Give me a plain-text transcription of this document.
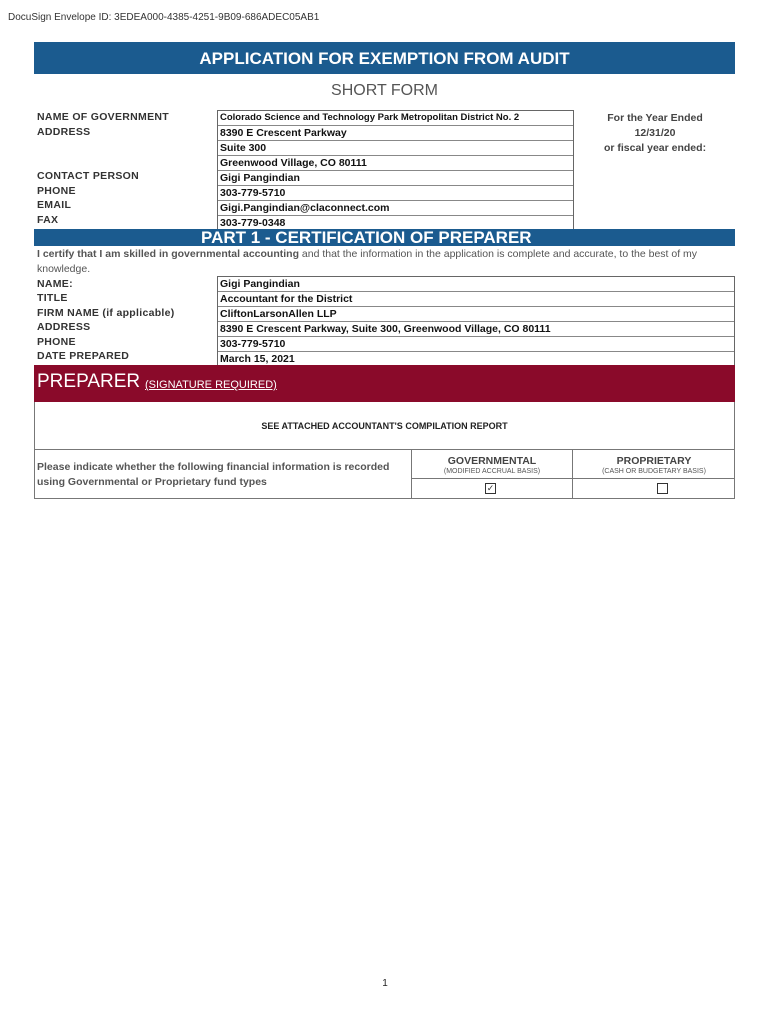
DocuSign Envelope ID: 3EDEA000-4385-4251-9B09-686ADEC05AB1
APPLICATION FOR EXEMPTION FROM AUDIT
SHORT FORM
NAME OF GOVERNMENT
ADDRESS
CONTACT PERSON
PHONE
EMAIL
FAX
Colorado Science and Technology Park Metropolitan District No. 2
8390 E Crescent Parkway
Suite 300
Greenwood Village, CO 80111
Gigi Pangindian
303-779-5710
Gigi.Pangindian@claconnect.com
303-779-0348
For the Year Ended
12/31/20
or fiscal year ended:
PART 1 - CERTIFICATION OF PREPARER
I certify that I am skilled in governmental accounting and that the information in the application is complete and accurate, to the best of my knowledge.
NAME:
TITLE
FIRM NAME (if applicable)
ADDRESS
PHONE
DATE PREPARED
Gigi Pangindian
Accountant for the District
CliftonLarsonAllen LLP
8390 E Crescent Parkway, Suite 300, Greenwood Village, CO 80111
303-779-5710
March 15, 2021
PREPARER (SIGNATURE REQUIRED)
SEE ATTACHED ACCOUNTANT'S COMPILATION REPORT
Please indicate whether the following financial information is recorded using Governmental or Proprietary fund types
GOVERNMENTAL
(MODIFIED ACCRUAL BASIS)
PROPRIETARY
(CASH OR BUDGETARY BASIS)
✓
1
